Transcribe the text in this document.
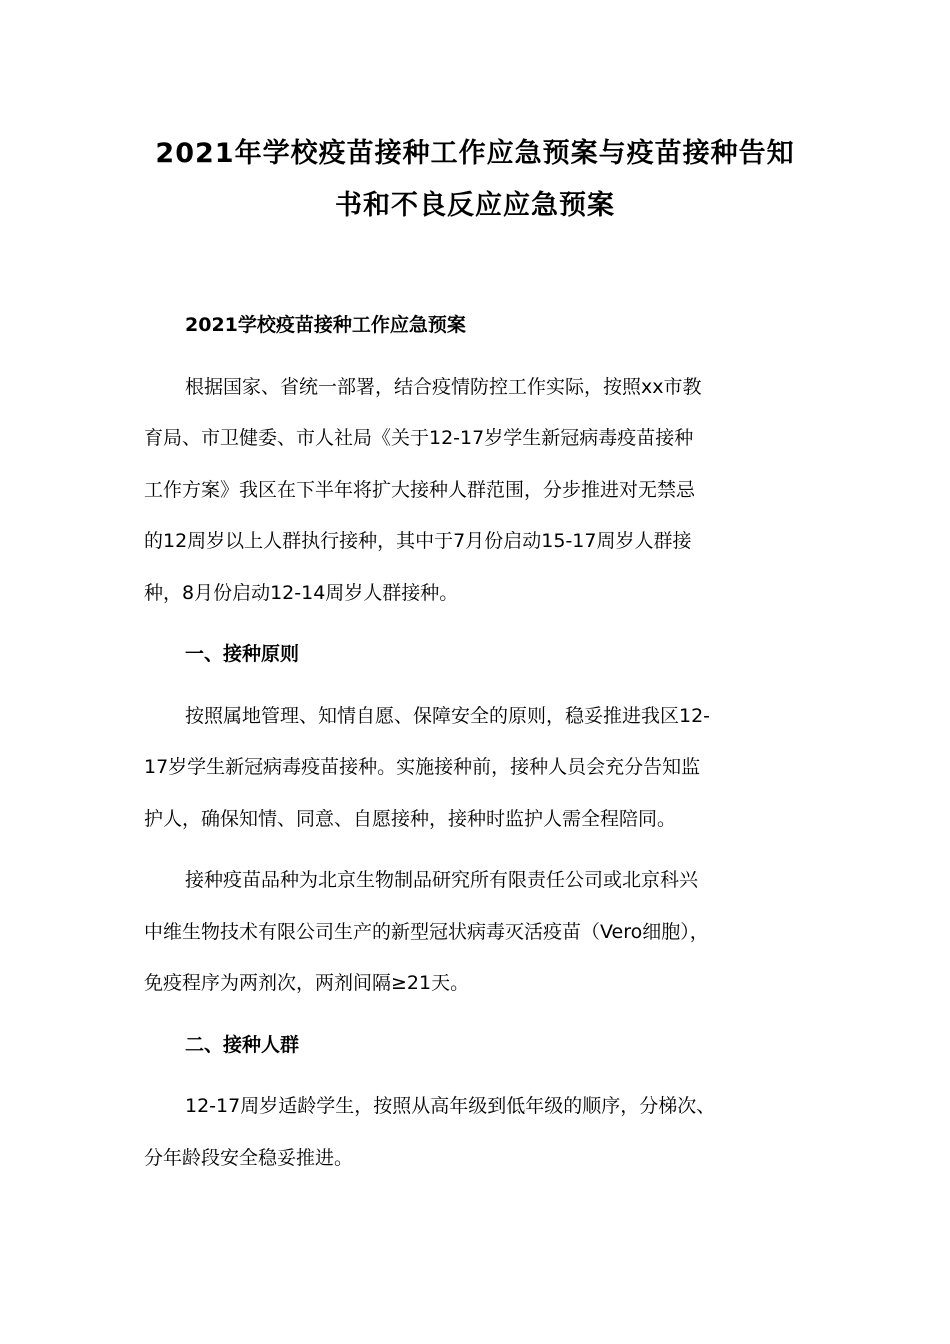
2021年学校疫苗接种工作应急预案与疫苗接种告知
书和不良反应应急预案

2021学校疫苗接种工作应急预案

根据国家、省统一部署，结合疫情防控工作实际，按照xx市教
育局、市卫健委、市人社局《关于12-17岁学生新冠病毒疫苗接种
工作方案》我区在下半年将扩大接种人群范围，分步推进对无禁忌
的12周岁以上人群执行接种，其中于7月份启动15-17周岁人群接
种，8月份启动12-14周岁人群接种。

一、接种原则

按照属地管理、知情自愿、保障安全的原则，稳妥推进我区12-
17岁学生新冠病毒疫苗接种。实施接种前，接种人员会充分告知监
护人，确保知情、同意、自愿接种，接种时监护人需全程陪同。

接种疫苗品种为北京生物制品研究所有限责任公司或北京科兴
中维生物技术有限公司生产的新型冠状病毒灭活疫苗（Vero细胞），
免疫程序为两剂次，两剂间隔≥21天。

二、接种人群

12-17周岁适龄学生，按照从高年级到低年级的顺序，分梯次、
分年龄段安全稳妥推进。
